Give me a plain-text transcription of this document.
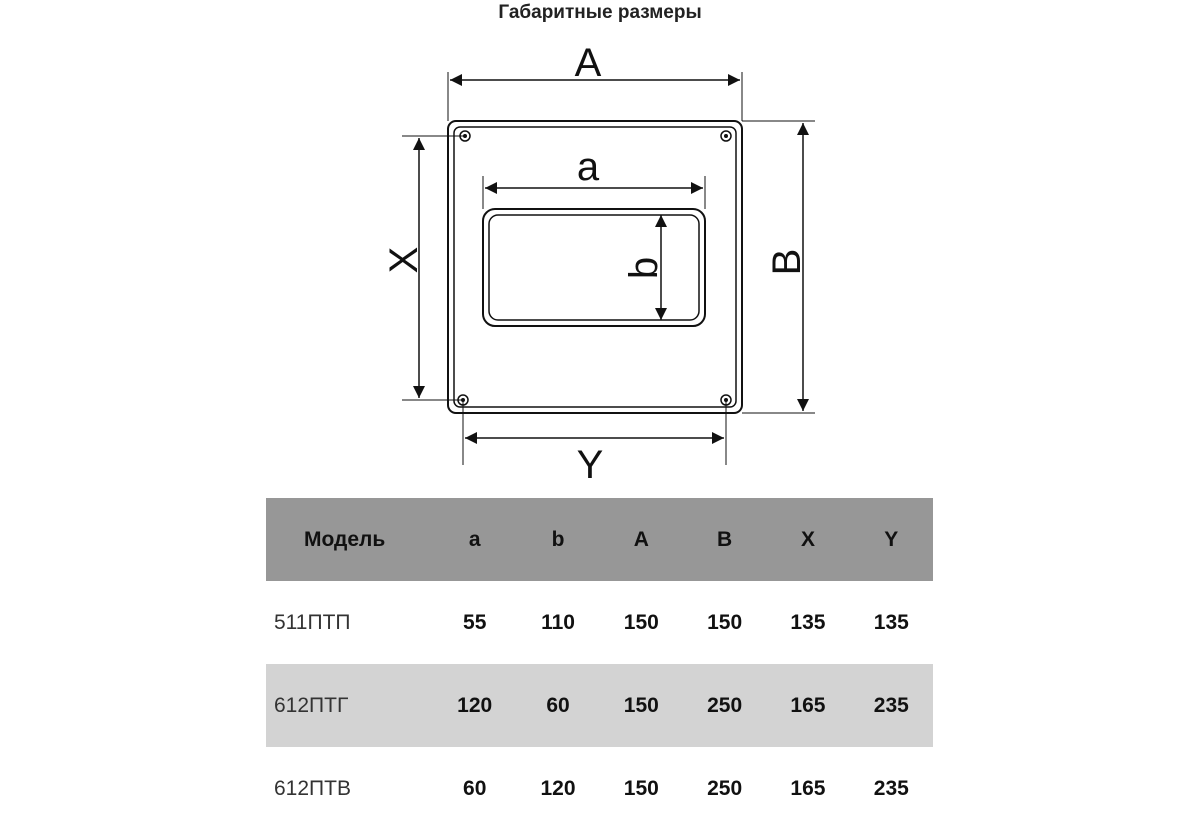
Габаритные размеры
A
a
b B
X
Y
Модель	a	b	A	B	X	Y
511ПТП	55	110	150	150	135	135
612ПТГ	120	60	150	250	165	235
612ПТВ	60	120	150	250	165	235
